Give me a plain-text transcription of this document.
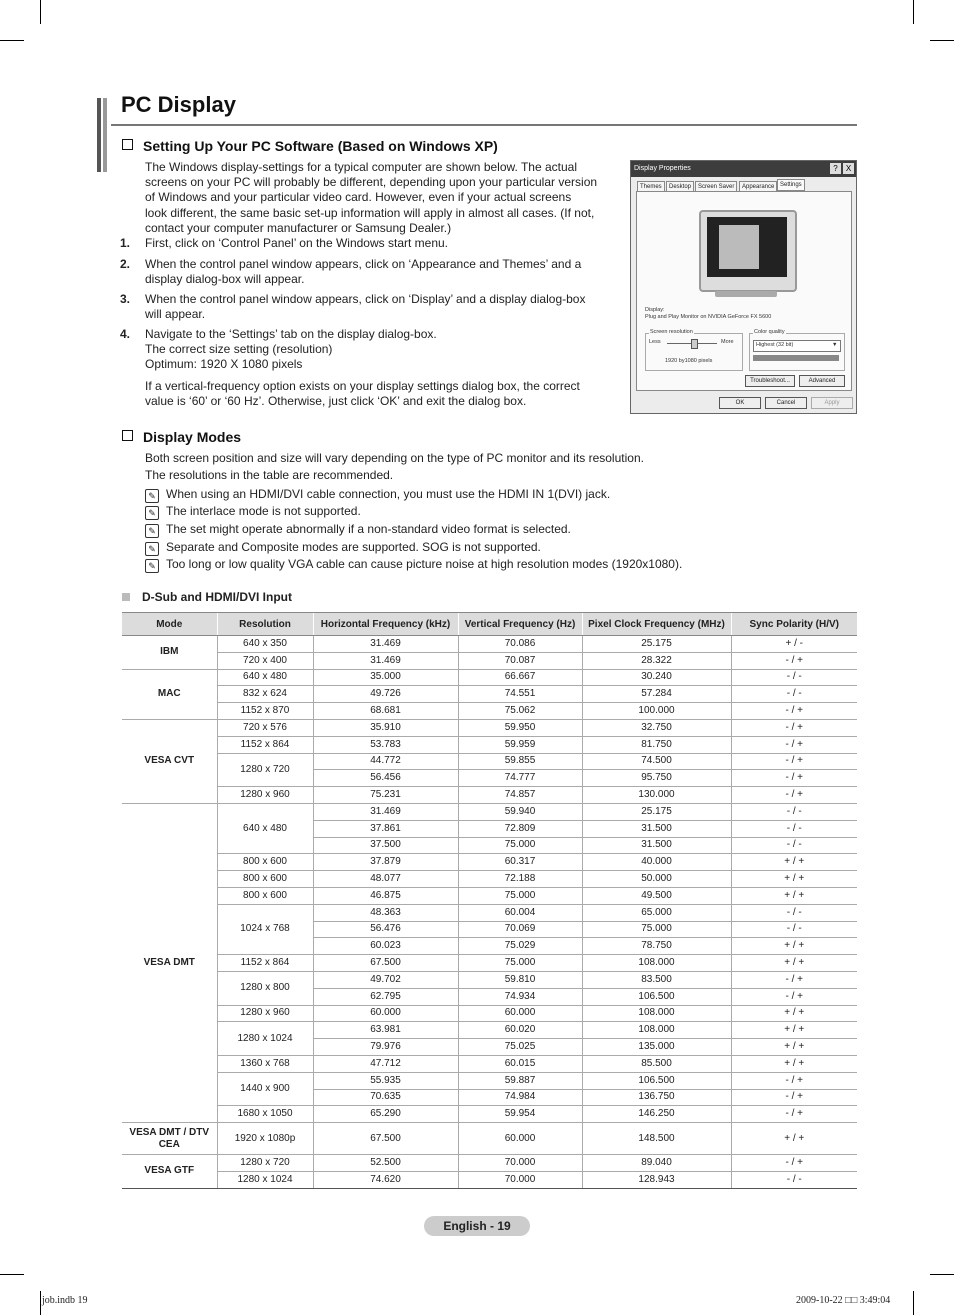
PC Display
Setting Up Your PC Software (Based on Windows XP)
The Windows display-settings for a typical computer are shown below. The actual
screens on your PC will probably be different, depending upon your particular version
of Windows and your particular video card. However, even if your actual screens
look different, the same basic set-up information will apply in almost all cases. (If not,
contact your computer manufacturer or Samsung Dealer.)
1.	First, click on ‘Control Panel’ on the Windows start menu.
2.	When the control panel window appears, click on ‘Appearance and Themes’ and a
display dialog-box will appear.
3.	When the control panel window appears, click on ‘Display’ and a display dialog-box
will appear.
4.	Navigate to the ‘Settings’ tab on the display dialog-box.
The correct size setting (resolution)
Optimum: 1920 X 1080 pixels
If a vertical-frequency option exists on your display settings dialog box, the correct
value is ‘60’ or ‘60 Hz’. Otherwise, just click ‘OK’ and exit the dialog box.
Display Properties	?	X
Themes	Desktop	Screen Saver	Appearance Settings
Display:
Plug and Play Monitor on NVIDIA GeForce FX 5600
Screen resolution
Less	More
1920 by1080 pixels
Color quality
Highest (32 bit)	▼
Troubleshoot...	Advanced
OK	Cancel	Apply
Display Modes
Both screen position and size will vary depending on the type of PC monitor and its resolution.
The resolutions in the table are recommended.
✎ When using an HDMI/DVI cable connection, you must use the HDMI IN 1(DVI) jack.
✎ The interlace mode is not supported.
✎ The set might operate abnormally if a non-standard video format is selected.
✎ Separate and Composite modes are supported. SOG is not supported.
✎ Too long or low quality VGA cable can cause picture noise at high resolution modes (1920x1080).
D-Sub and HDMI/DVI Input
Mode	Resolution	Horizontal Frequency (kHz)	Vertical Frequency (Hz)	Pixel Clock Frequency (MHz)	Sync Polarity (H/V)
IBM	640 x 350	31.469	70.086	25.175	+ / -
	720 x 400	31.469	70.087	28.322	- / +
MAC	640 x 480	35.000	66.667	30.240	- / -
	832 x 624	49.726	74.551	57.284	- / -
	1152 x 870	68.681	75.062	100.000	- / +
VESA CVT	720 x 576	35.910	59.950	32.750	- / +
	1152 x 864	53.783	59.959	81.750	- / +
	1280 x 720	44.772	59.855	74.500	- / +
		56.456	74.777	95.750	- / +
	1280 x 960	75.231	74.857	130.000	- / +
VESA DMT	640 x 480	31.469	59.940	25.175	- / -
		37.861	72.809	31.500	- / -
		37.500	75.000	31.500	- / -
	800 x 600	37.879	60.317	40.000	+ / +
	800 x 600	48.077	72.188	50.000	+ / +
	800 x 600	46.875	75.000	49.500	+ / +
	1024 x 768	48.363	60.004	65.000	- / -
		56.476	70.069	75.000	- / -
		60.023	75.029	78.750	+ / +
	1152 x 864	67.500	75.000	108.000	+ / +
	1280 x 800	49.702	59.810	83.500	- / +
		62.795	74.934	106.500	- / +
	1280 x 960	60.000	60.000	108.000	+ / +
	1280 x 1024	63.981	60.020	108.000	+ / +
		79.976	75.025	135.000	+ / +
	1360 x 768	47.712	60.015	85.500	+ / +
	1440 x 900	55.935	59.887	106.500	- / +
		70.635	74.984	136.750	- / +
	1680 x 1050	65.290	59.954	146.250	- / +
VESA DMT / DTV CEA	1920 x 1080p	67.500	60.000	148.500	+ / +
VESA GTF	1280 x 720	52.500	70.000	89.040	- / +
	1280 x 1024	74.620	70.000	128.943	- / -
English - 19
job.indb 19	2009-10-22 □□ 3:49:04
